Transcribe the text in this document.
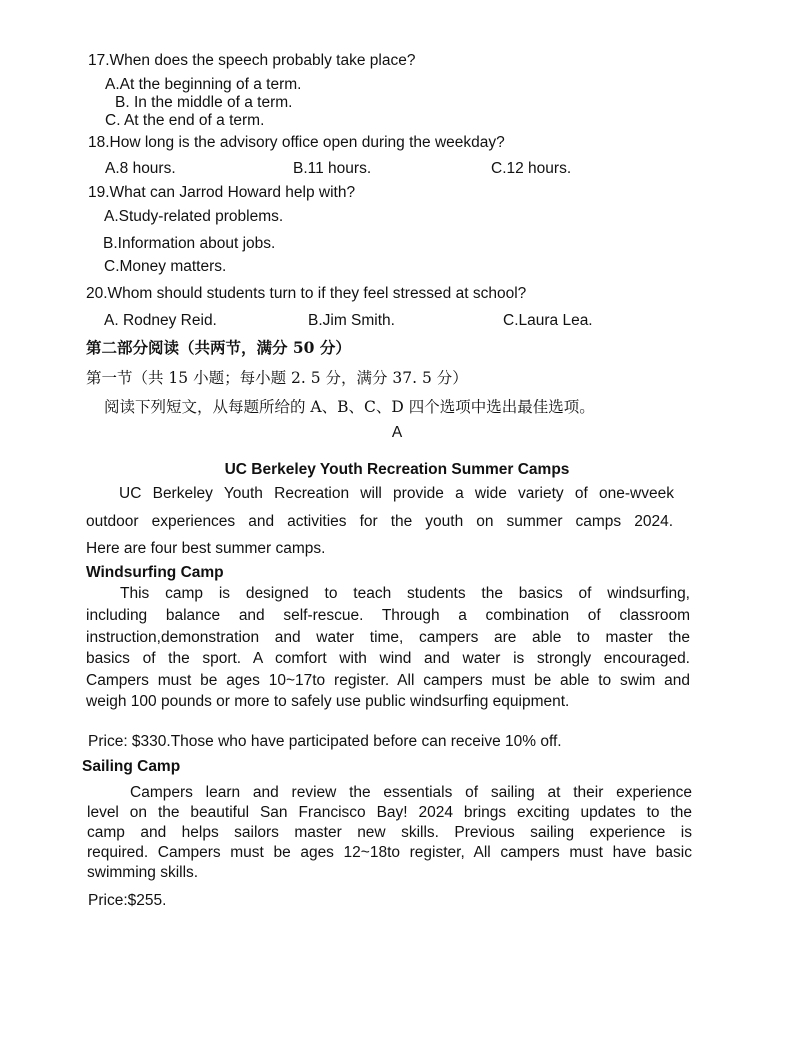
17.When does the speech probably take place?
A.At the beginning of a term.
B. In the middle of a term.
C. At the end of a term.
18.How long is the advisory office open during the weekday?
A.8 hours.	B.11 hours.	C.12 hours.
19.What can Jarrod Howard help with?
A.Study-related problems.
B.Information about jobs.
C.Money matters.
20.Whom should students turn to if they feel stressed at school?
A. Rodney Reid.	B.Jim Smith.	C.Laura Lea.
第二部分阅读（共两节，满分 50 分）
第一节（共 15 小题；每小题 2. 5 分，满分 37. 5 分）
阅读下列短文，从每题所给的 A、B、C、D 四个选项中选出最佳选项。
A
UC Berkeley Youth Recreation Summer Camps
UC Berkeley Youth Recreation will provide a wide variety of one-wveek
outdoor experiences and activities for the youth on summer camps 2024.
Here are four best summer camps.
Windsurfing Camp
This camp is designed to teach students the basics of windsurfing,
including balance and self-rescue. Through a combination of classroom
instruction,demonstration and water time, campers are able to master the
basics of the sport. A comfort with wind and water is strongly encouraged.
Campers must be ages 10~17to register. All campers must be able to swim and
weigh 100 pounds or more to safely use public windsurfing equipment.
Price: $330.Those who have participated before can receive 10% off.
Sailing Camp
Campers learn and review the essentials of sailing at their experience
level on the beautiful San Francisco Bay! 2024 brings exciting updates to the
camp and helps sailors master new skills. Previous sailing experience is
required. Campers must be ages 12~18to register, All campers must have basic
swimming skills.
Price:$255.
